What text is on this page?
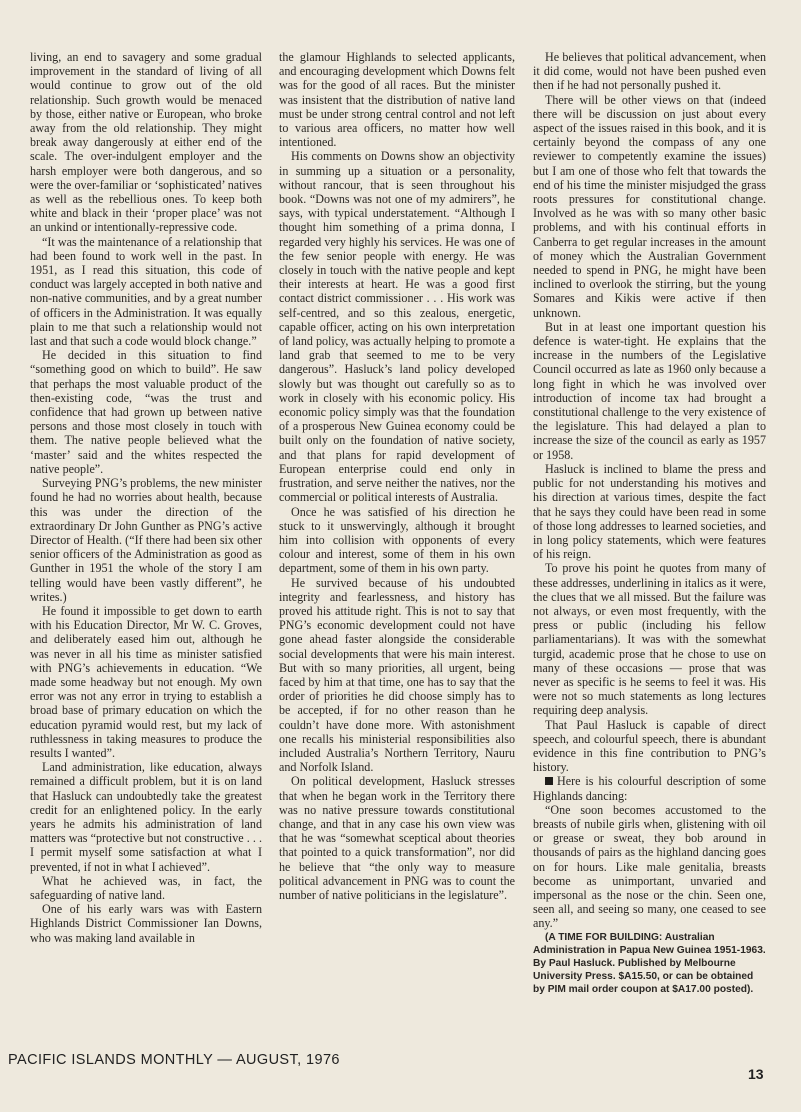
living, an end to savagery and some gradual improvement in the standard of living of all would continue to grow out of the old relationship. Such growth would be menaced by those, either native or European, who broke away from the old relationship. They might break away dangerously at either end of the scale. The over-indulgent employer and the harsh employer were both dangerous, and so were the over-familiar or ‘sophisticated’ natives as well as the rebellious ones. To keep both white and black in their ‘proper place’ was not an unkind or intentionally-repressive code.

“It was the maintenance of a relationship that had been found to work well in the past. In 1951, as I read this situation, this code of conduct was largely accepted in both native and non-native communities, and by a great number of officers in the Administration. It was equally plain to me that such a relationship would not last and that such a code would block change.”

He decided in this situation to find “something good on which to build”. He saw that perhaps the most valuable product of the then-existing code, “was the trust and confidence that had grown up between native persons and those most closely in touch with them. The native people believed what the ‘master’ said and the whites respected the native people”.

Surveying PNG’s problems, the new minister found he had no worries about health, because this was under the direction of the extraordinary Dr John Gunther as PNG’s active Director of Health. (“If there had been six other senior officers of the Administration as good as Gunther in 1951 the whole of the story I am telling would have been vastly different”, he writes.)

He found it impossible to get down to earth with his Education Director, Mr W. C. Groves, and deliberately eased him out, although he was never in all his time as minister satisfied with PNG’s achievements in education. “We made some headway but not enough. My own error was not any error in trying to establish a broad base of primary education on which the education pyramid would rest, but my lack of ruthlessness in taking measures to produce the results I wanted”.

Land administration, like education, always remained a difficult problem, but it is on land that Hasluck can undoubtedly take the greatest credit for an enlightened policy. In the early years he admits his administration of land matters was “protective but not constructive . . . I permit myself some satisfaction at what I prevented, if not in what I achieved”.

What he achieved was, in fact, the safeguarding of native land.

One of his early wars was with Eastern Highlands District Commissioner Ian Downs, who was making land available in

the glamour Highlands to selected applicants, and encouraging development which Downs felt was for the good of all races. But the minister was insistent that the distribution of native land must be under strong central control and not left to various area officers, no matter how well intentioned.

His comments on Downs show an objectivity in summing up a situation or a personality, without rancour, that is seen throughout his book. “Downs was not one of my admirers”, he says, with typical understatement. “Although I thought him something of a prima donna, I regarded very highly his services. He was one of the few senior people with energy. He was closely in touch with the native people and kept their interests at heart. He was a good first contact district commissioner . . . His work was self-centred, and so this zealous, energetic, capable officer, acting on his own interpretation of land policy, was actually helping to promote a land grab that seemed to me to be very dangerous”. Hasluck’s land policy developed slowly but was thought out carefully so as to work in closely with his economic policy. His economic policy simply was that the foundation of a prosperous New Guinea economy could be built only on the foundation of native society, and that plans for rapid development of European enterprise could end only in frustration, and serve neither the natives, nor the commercial or political interests of Australia.

Once he was satisfied of his direction he stuck to it unswervingly, although it brought him into collision with opponents of every colour and interest, some of them in his own department, some of them in his own party.

He survived because of his undoubted integrity and fearlessness, and history has proved his attitude right. This is not to say that PNG’s economic development could not have gone ahead faster alongside the considerable social developments that were his main interest. But with so many priorities, all urgent, being faced by him at that time, one has to say that the order of priorities he did choose simply has to be accepted, if for no other reason than he couldn’t have done more. With astonishment one recalls his ministerial responsibilities also included Australia’s Northern Territory, Nauru and Norfolk Island.

On political development, Hasluck stresses that when he began work in the Territory there was no native pressure towards constitutional change, and that in any case his own view was that he was “somewhat sceptical about theories that pointed to a quick transformation”, nor did he believe that “the only way to measure political advancement in PNG was to count the number of native politicians in the legislature”.

He believes that political advancement, when it did come, would not have been pushed even then if he had not personally pushed it.

There will be other views on that (indeed there will be discussion on just about every aspect of the issues raised in this book, and it is certainly beyond the compass of any one reviewer to competently examine the issues) but I am one of those who felt that towards the end of his time the minister misjudged the grass roots pressures for constitutional change. Involved as he was with so many other basic problems, and with his continual efforts in Canberra to get regular increases in the amount of money which the Australian Government needed to spend in PNG, he might have been inclined to overlook the stirring, but the young Somares and Kikis were active if then unknown.

But in at least one important question his defence is water-tight. He explains that the increase in the numbers of the Legislative Council occurred as late as 1960 only because a long fight in which he was involved over introduction of income tax had brought a constitutional challenge to the very existence of the legislature. This had delayed a plan to increase the size of the council as early as 1957 or 1958.

Hasluck is inclined to blame the press and public for not understanding his motives and his direction at various times, despite the fact that he says they could have been read in some of those long addresses to learned societies, and in long policy statements, which were features of his reign.

To prove his point he quotes from many of these addresses, underlining in italics as it were, the clues that we all missed. But the failure was not always, or even most frequently, with the press or public (including his fellow parliamentarians). It was with the somewhat turgid, academic prose that he chose to use on many of these occasions — prose that was never as specific is he seems to feel it was. His were not so much statements as long lectures requiring deep analysis.

That Paul Hasluck is capable of direct speech, and colourful speech, there is abundant evidence in this fine contribution to PNG’s history.

Here is his colourful description of some Highlands dancing:

“One soon becomes accustomed to the breasts of nubile girls when, glistening with oil or grease or sweat, they bob around in thousands of pairs as the highland dancing goes on for hours. Like male genitalia, breasts become as unimportant, unvaried and impersonal as the nose or the chin. Seen one, seen all, and seeing so many, one ceased to see any.”

(A TIME FOR BUILDING: Australian Administration in Papua New Guinea 1951-1963. By Paul Hasluck. Published by Melbourne University Press. $A15.50, or can be obtained by PIM mail order coupon at $A17.00 posted).

PACIFIC ISLANDS MONTHLY — AUGUST, 1976
13
